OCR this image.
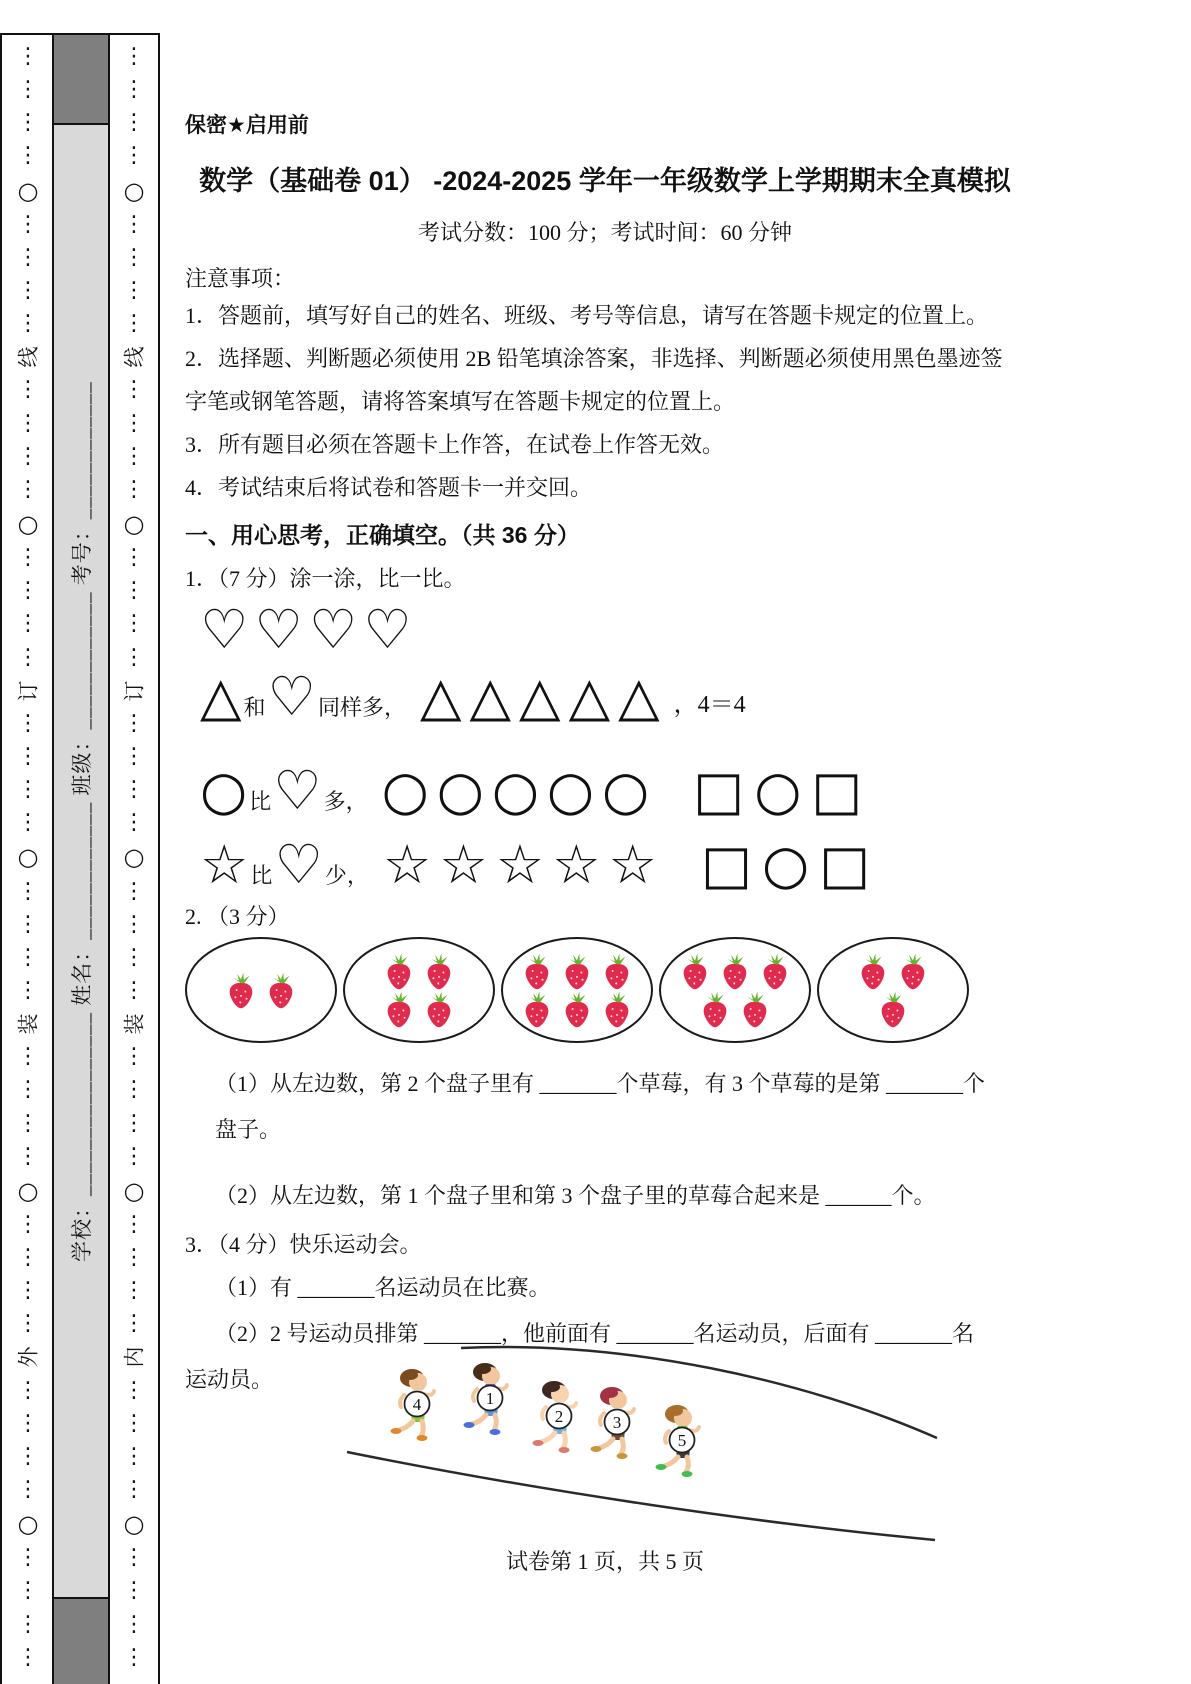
⋮
⋮
⋮
⋮
○
⋮
⋮
⋮
⋮
线
⋮
⋮
⋮
⋮
○
⋮
⋮
⋮
⋮
订
⋮
⋮
⋮
⋮
○
⋮
⋮
⋮
⋮
装
⋮
⋮
⋮
⋮
○
⋮
⋮
⋮
⋮
外
⋮
⋮
⋮
⋮
○
⋮
⋮
⋮
⋮
学校：________________ 姓名：____________ 班级：____________ 考号：____________
⋮
⋮
⋮
⋮
○
⋮
⋮
⋮
⋮
线
⋮
⋮
⋮
⋮
○
⋮
⋮
⋮
⋮
订
⋮
⋮
⋮
⋮
○
⋮
⋮
⋮
⋮
装
⋮
⋮
⋮
⋮
○
⋮
⋮
⋮
⋮
内
⋮
⋮
⋮
⋮
○
⋮
⋮
⋮
⋮
保密★启用前
数学（基础卷 01） -2024-2025 学年一年级数学上学期期末全真模拟
考试分数：100 分；考试时间：60 分钟
注意事项：

1．答题前，填写好自己的姓名、班级、考号等信息，请写在答题卡规定的位置上。

2．选择题、判断题必须使用 2B 铅笔填涂答案，非选择、判断题必须使用黑色墨迹签

字笔或钢笔答题，请将答案填写在答题卡规定的位置上。

3．所有题目必须在答题卡上作答，在试卷上作答无效。

4．考试结束后将试卷和答题卡一并交回。

一、用心思考，正确填空。（共 36 分）
1．（7 分）涂一涂，比一比。
♡♡♡♡
△ 和 ♡ 同样多， △△△△△ ，4＝4
○ 比 ♡ 多， ○○○○○ □○□
☆ 比 ♡ 少， ☆☆☆☆☆ □○□
2. （3 分）
（1）从左边数，第 2 个盘子里有 _______个草莓，有 3 个草莓的是第 _______个
盘子。
（2）从左边数，第 1 个盘子里和第 3 个盘子里的草莓合起来是 ______个。
3．（4 分）快乐运动会。
（1）有 _______名运动员在比赛。
（2）2 号运动员排第 _______，他前面有 _______名运动员，后面有 _______名
运动员。
4	1
2	3
5
试卷第 1 页，共 5 页
